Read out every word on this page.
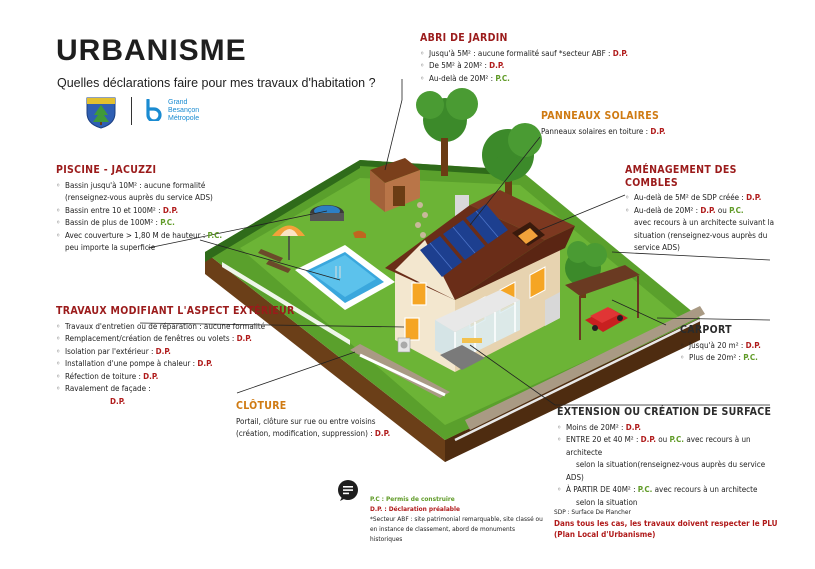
URBANISME
Quelles déclarations faire pour mes travaux d'habitation ?
Grand
Besançon
Métropole
ABRI DE JARDIN
◦ Jusqu'à 5M² : aucune formalité sauf *secteur ABF : D.P.
◦ De 5M² à 20M² : D.P.
◦ Au-delà de 20M² : P.C.
PANNEAUX SOLAIRES
Panneaux solaires en toiture : D.P.
AMÉNAGEMENT DES COMBLES
◦ Au-delà de 5M² de SDP créée : D.P.
◦ Au-delà de 20M² : D.P. ou P.C.
avec recours à un architecte suivant la situation (renseignez-vous auprès du service ADS)
PISCINE - JACUZZI
◦ Bassin jusqu'à 10M² : aucune formalité (renseignez-vous auprès du service ADS)
◦ Bassin entre 10 et 100M² : D.P.
◦ Bassin de plus de 100M² : P.C.
◦ Avec couverture > 1,80 M de hauteur : P.C.
peu importe la superficie
TRAVAUX MODIFIANT L'ASPECT EXTÉRIEUR
◦ Travaux d'entretien ou de réparation : aucune formalité
◦ Remplacement/création de fenêtres ou volets : D.P.
◦ Isolation par l'extérieur : D.P.
◦ Installation d'une pompe à chaleur : D.P.
◦ Réfection de toiture : D.P.
◦ Ravalement de façade :
D.P.	CLÔTURE
Portail, clôture sur rue ou entre voisins
(création, modification, suppression) : D.P.
CARPORT
◦ Jusqu'à 20 m² : D.P.
◦ Plus de 20m² : P.C.
EXTENSION OU CRÉATION DE SURFACE
◦ Moins de 20M² : D.P.
◦ ENTRE 20 et 40 M² : D.P. ou P.C. avec recours à un architecte
selon la situation(renseignez-vous auprès du service ADS)
◦ À PARTIR DE 40M² : P.C. avec recours à un architecte
selon la situation
P.C : Permis de construire
D.P. : Déclaration préalable
*Secteur ABF : site patrimonial remarquable, site classé ou en instance de classement, abord de monuments historiques
SDP : Surface De Plancher
Dans tous les cas, les travaux doivent respecter le PLU (Plan Local d'Urbanisme)
